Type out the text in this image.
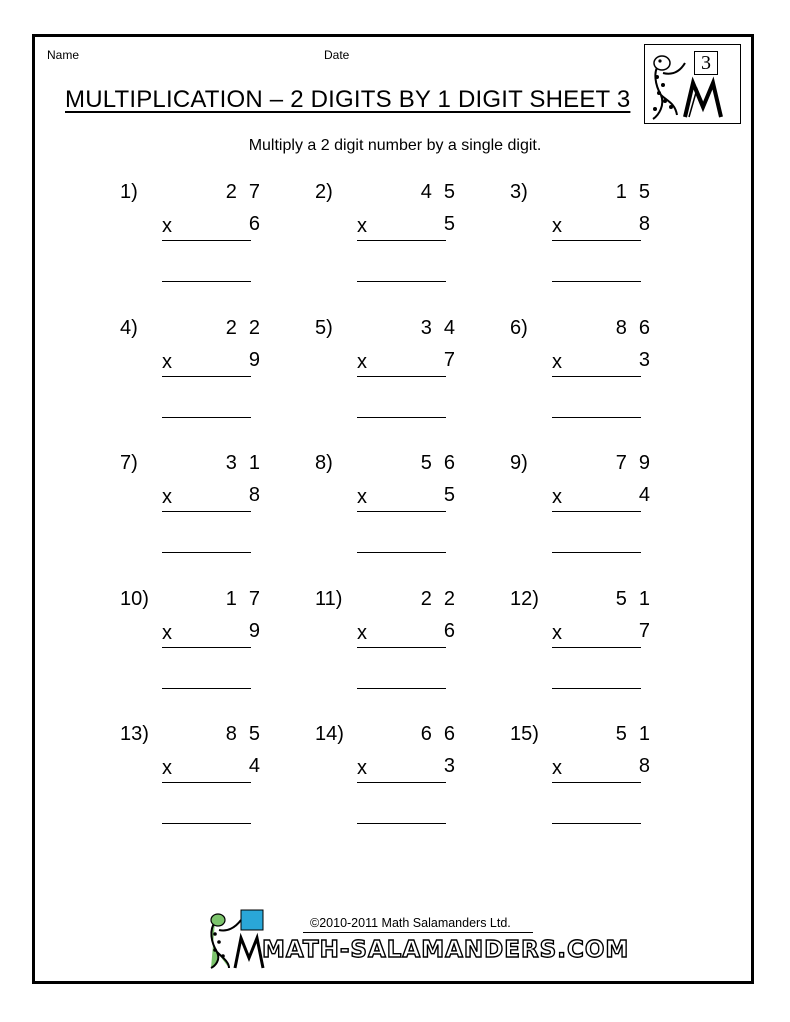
Name	Date
MULTIPLICATION – 2 DIGITS BY 1 DIGIT SHEET 3
3
Multiply a 2 digit number by a single digit.
1)	27
x	6
2)	45
x	5
3)	15
x	8
4)	22
x	9
5)	34
x	7
6)	86
x	3
7)	31
x	8
8)	56
x	5
9)	79
x	4
10)	17
x	9
11)	22
x	6
12)	51
x	7
13)	85
x	4
14)	66
x	3
15)	51
x	8
©2010-2011 Math Salamanders Ltd.
MATH-SALAMANDERS.COM
